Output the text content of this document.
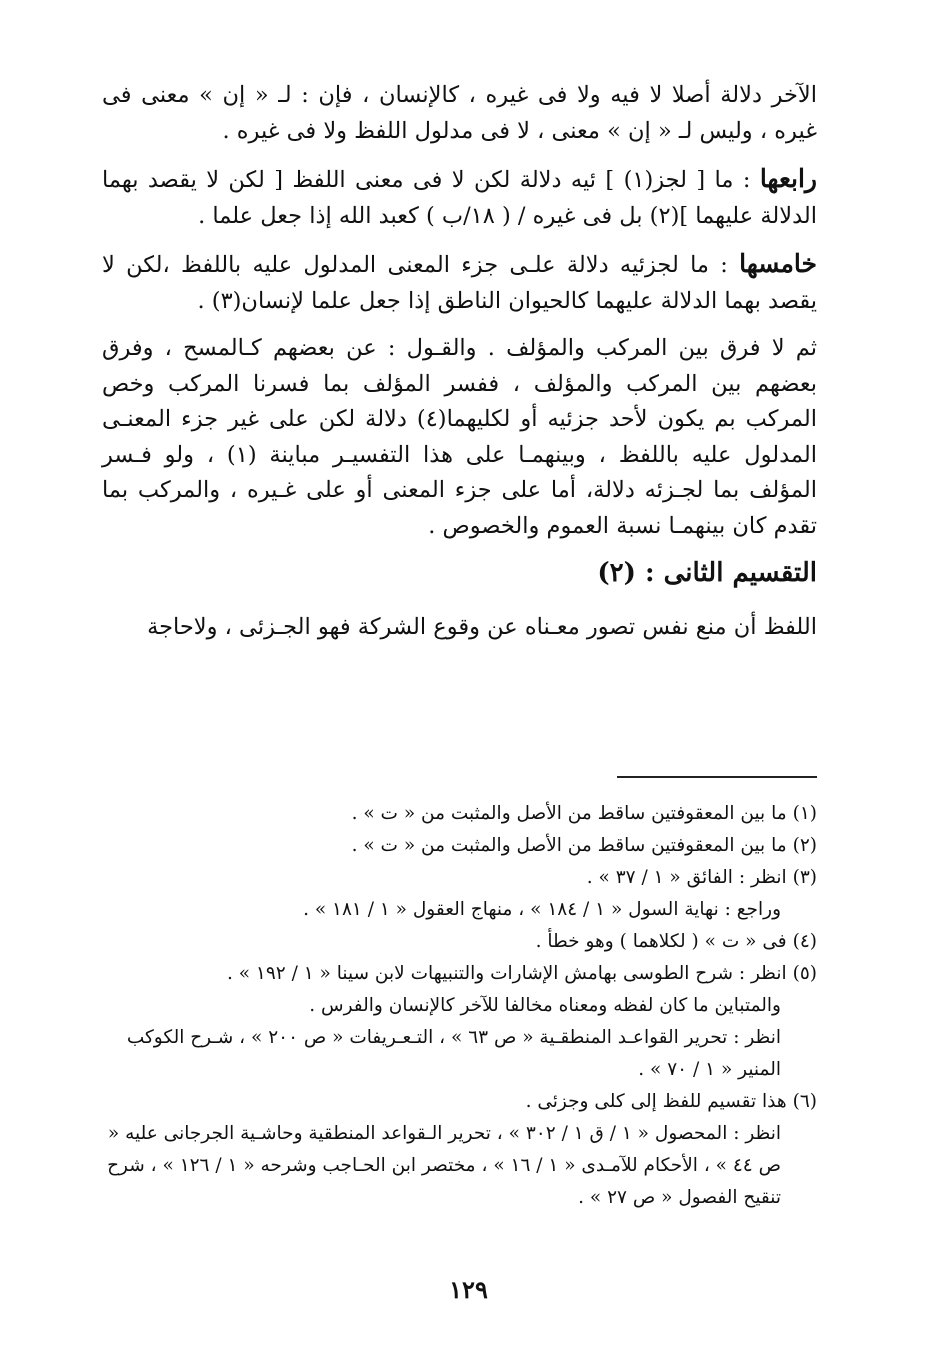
الآخر دلالة أصلا لا فيه ولا فى غيره ، كالإنسان ، فإن : لـ « إن » معنى فى غيره ، وليس لـ « إن » معنى ، لا فى مدلول اللفظ ولا فى غيره .

رابعها : ما [ لجز(١) ] ئيه دلالة لكن لا فى معنى اللفظ [ لكن لا يقصد بهما الدلالة عليهما ](٢) بل فى غيره / ( ١٨/ب ) كعبد الله إذا جعل علما .

خامسها : ما لجزئيه دلالة علـى جزء المعنى المدلول عليه باللفظ ،لكن لا يقصد بهما الدلالة عليهما كالحيوان الناطق إذا جعل علما لإنسان(٣) .

ثم لا فرق بين المركب والمؤلف . والقـول : عن بعضهم كـالمسح ، وفرق بعضهم بين المركب والمؤلف ، ففسر المؤلف بما فسرنا المركب وخص المركب بم يكون لأحد جزئيه أو لكليهما(٤) دلالة لكن على غير جزء المعنـى المدلول عليه باللفظ ، وبينهمـا على هذا التفسيـر مباينة (١) ، ولو فـسر المؤلف بما لجـزئه دلالة، أما على جزء المعنى أو على غـيره ، والمركب بما تقدم كان بينهمـا نسبة العموم والخصوص .

التقسيم الثانى : (٢)

اللفظ أن منع نفس تصور معـناه عن وقوع الشركة فهو الجـزئى ، ولاحاجة

(١)
ما بين المعقوفتين ساقط من الأصل والمثبت من « ت » .
(٢)
ما بين المعقوفتين ساقط من الأصل والمثبت من « ت » .
(٣)
انظر : الفائق « ١ / ٣٧ » .
وراجع : نهاية السول « ١ / ١٨٤ » ، منهاج العقول « ١ / ١٨١ » .
(٤)
فى « ت » ( لكلاهما ) وهو خطأ .
(٥)
انظر : شرح الطوسى بهامش الإشارات والتنبيهات لابن سينا « ١ / ١٩٢ » .
والمتباين ما كان لفظه ومعناه مخالفا للآخر كالإنسان والفرس .
انظر : تحرير القواعـد المنطقـية « ص ٦٣ » ، التـعـريفات « ص ٢٠٠ » ، شـرح الكوكب المنير « ١ / ٧٠ » .
(٦)
هذا تقسيم للفظ إلى كلى وجزئى .
انظر : المحصول « ١ / ق ١ / ٣٠٢ » ، تحرير الـقواعد المنطقية وحاشـية الجرجانى عليه « ص ٤٤ » ، الأحكام للآمـدى « ١ / ١٦ » ، مختصر ابن الحـاجب وشرحه « ١ / ١٢٦ » ، شرح تنقيح الفصول « ص ٢٧ » .
١٢٩
